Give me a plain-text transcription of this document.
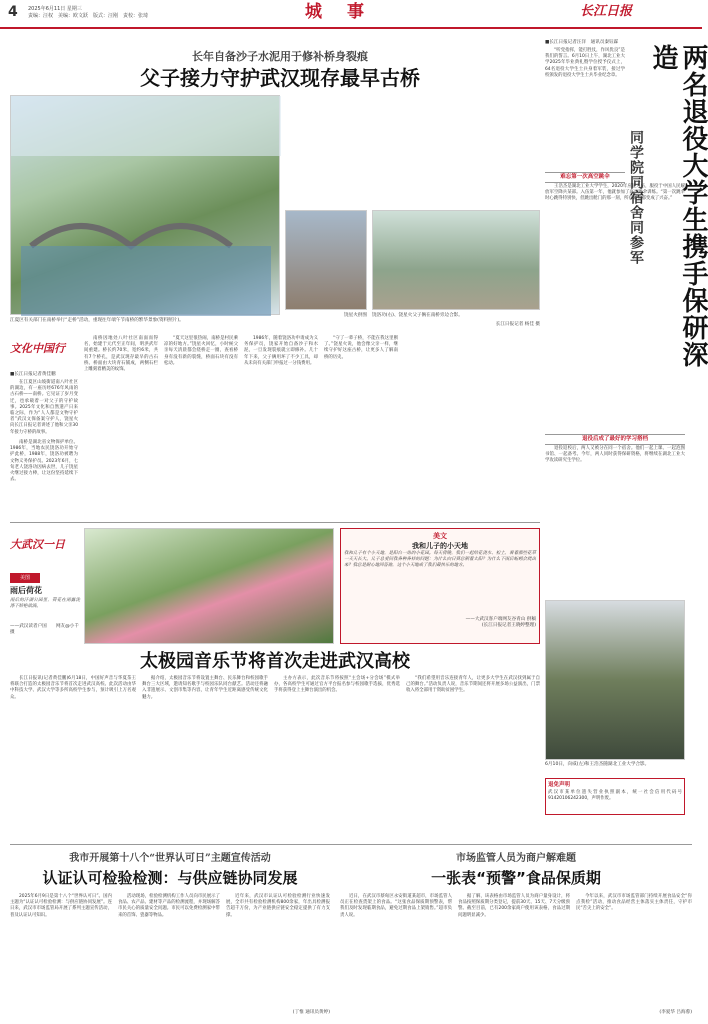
4 2025年6月11日 星期三
责编：汪权　美编：欧文跃　版式：汪刚　责校：张琦	城　事	长江日报
长年自备沙子水泥用于修补桥身裂痕
父子接力守护武汉现存最早古桥
江夏区有关部门在南桥举行“走桥”活动，重现往年端午节南桥的繁华景象(资料照片)。
饶星火供图 饶洛功(右)、饶星火父子俩在南桥旁边合影。
长江日报记者 杨佳 摄
文化中国行
■长江日报记者黄佳鹏

在江夏区山坡街道南八叶社区的湖边，有一座历经676年风雨的古石桥——南桥。它见证了岁月变迁，也承载着一对父子的守护故事。2025年文化和自然遗产日来临之际，作为“人人都是文物守护者”武汉文保备案守护人，饶星火向长江日报记者讲述了他和父亲30年接力守桥的故事。

南桥是湖北省文物保护单位。1986年，当地农民饶洛功开始守护此桥，1988年，饶洛功被聘为文物义务保护员。2023年6月，七旬老人饶洛功因病去世，儿子饶星火继过接力棒，让这份坚持延续下去。

南桥因地处八叶社区南面而得名，始建于元代至正年间，明洪武年间重建。桥长约70米，宽约6米，共有7个桥孔，是武汉现存最早的古石桥。桥面由大块青石铺成，两侧石栏上雕刻着精美的纹饰。

“夏天这里很热闹，南桥是村民乘凉的好地方。”饶星火回忆，小时候父亲每天清晨都会绕桥走一圈，查看桥身有没有新的裂缝，桥面石块有没有松动。

1986年，随着饶洛功申请成为义务保护员，饶家开始自备沙子和水泥，一旦发现裂痕就立即修补。几十年下来，父子俩用坏了不少工具，却从未向有关部门申报过一分钱费用。

“守了一辈子桥，不能在我这里断了。”饶星火说，他会像父亲一样，继续守护好这座古桥，让更多人了解南桥的历史。

■长江日报记者汪洋　通讯员秦钰霖

“听党指挥，能打胜仗，作风优良”是我们的誓言。6月10日上午，湖北工业大学2025年毕业典礼暨学位授予仪式上，64名退役大学生士兵身着军装，接过学校颁发的退役大学生士兵毕业纪念章。	两名退役大学生携手保研深造
同学院同宿舍同参军
难忘第一次高空跳伞

王浩杰是湖北工业大学学生，2020年应征入伍，服役于中国人民解放军空降兵某部。入伍第一年，他就参加了高空跳伞训练。“第一次跳伞时心跳得特别快，但跳出舱门的那一刻，所有紧张都变成了兴奋。”

退役后成了最好的学习搭档

退役返校后，两人又被分在同一个宿舍。他们一起上课、一起泡图书馆、一起备考。今年，两人同时获得保研资格，将继续在湖北工业大学攻读研究生学位。

6月10日，向威(左)和王浩杰随湖北工业大学合影。
退免声明
武汉市某单位遗失营业执照副本，统一社会信用代码号91420106242300，声明作废。
大武汉一日
美图
雨后荷花
雨后的汗湖公园里，荷花在雨露洗涤下娇艳欲滴。
——武汉读者户国　　网友@小千 摄
美文
我和儿子的小天地
我和儿子有个小天地，是阳台一角的小花园。每天傍晚，我们一起给花浇水、松土，看着那些花草一天天长大。儿子总爱问我各种各样的问题：为什么向日葵总朝着太阳？为什么下雨后蚯蚓会爬出来？我总是耐心地回答他，这个小天地成了我们最快乐的地方。
——大武汉客户端网友谷青山 供稿
(长江日报记者王晓婷整理)
太极园音乐节将首次走进武汉高校

长江日报讯(记者黄佳鹏)6月18日，中国好声音与华夏茶王将联合打造的太极园音乐节将首次走进武汉高校。此次活动由华中科技大学、武汉大学等多所高校学生参与，预计吸引上万名观众。

据介绍，太极园音乐节将设置主舞台、民乐舞台和校园歌手舞台三大区域，邀请知名歌手与校园乐队同台献艺。活动还将融入非遗展示、文创市集等内容，让青年学生近距离感受传统文化魅力。

主办方表示，此次音乐节将按照“主会场+分会场”模式举办，各高校学生可通过官方平台报名参与校园歌手选拔，优秀选手将获得登上主舞台演出的机会。

“我们希望用音乐连接青年人，让更多大学生在武汉找到属于自己的舞台。”活动负责人说，音乐节期间还将开展多场公益演出，门票收入将全部用于资助贫困学生。

我市开展第十八个“世界认可日”主题宣传活动
认证认可检验检测：与供应链协同发展

2025年6月9日是第十八个“世界认可日”。国内主题为“认证认可检验检测：与供应链协同发展”。连日来，武汉市市场监管局开展了系列主题宣传活动，普及认证认可知识。

活动现场，检验检测机构工作人员向市民展示了食品、农产品、建材等产品的检测流程，并现场解答市民关心的质量安全问题。市民可以免费检测家中带来的首饰、瓷器等物品。

近年来，武汉市认证认可检验检测行业快速发展，全市共有检验检测机构800余家，年出具检测报告超千万份，为产业链供应链安全稳定提供了有力支撑。

(丁惟 通讯员黄婷)
市场监管人员为商户解难题
一张表“预警”食品保质期

近日，在武汉市蔡甸区永安街道某超市，市场监管人员正在检查货架上的食品。“这张食品保质期预警表，帮我们及时发现临期食品，避免过期食品上架销售。”超市负责人说。

据了解，该表格由市场监管人员为商户量身设计，将食品按照保质期分类登记，提前30天、15天、7天分级预警。截至目前，已有200余家商户使用该表格，食品过期问题明显减少。

今年以来，武汉市市场监管部门持续开展食品安全“你点我检”活动，推动食品经营主体落实主体责任，守护市民“舌尖上的安全”。

(李爱华 吕海蓉)
